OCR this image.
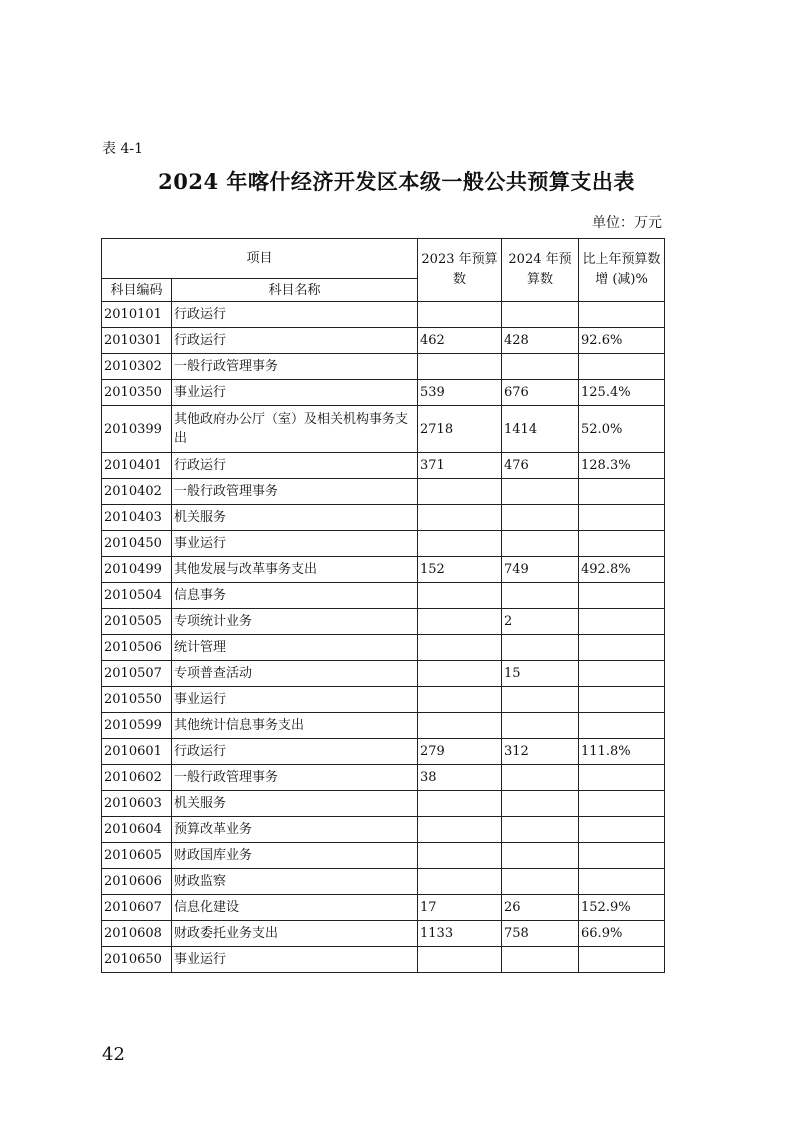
表 4-1
2024 年喀什经济开发区本级一般公共预算支出表
单位：万元
项目		2023 年预算数	2024 年预算数	比上年预算数增 (减)%
科目编码	科目名称			
2010101	行政运行			
2010301	行政运行	462	428	92.6%
2010302	一般行政管理事务			
2010350	事业运行	539	676	125.4%
2010399	其他政府办公厅（室）及相关机构事务支出	2718	1414	52.0%
2010401	行政运行	371	476	128.3%
2010402	一般行政管理事务			
2010403	机关服务			
2010450	事业运行			
2010499	其他发展与改革事务支出	152	749	492.8%
2010504	信息事务			
2010505	专项统计业务		2	
2010506	统计管理			
2010507	专项普查活动		15	
2010550	事业运行			
2010599	其他统计信息事务支出			
2010601	行政运行	279	312	111.8%
2010602	一般行政管理事务	38		
2010603	机关服务			
2010604	预算改革业务			
2010605	财政国库业务			
2010606	财政监察			
2010607	信息化建设	17	26	152.9%
2010608	财政委托业务支出	1133	758	66.9%
2010650	事业运行			
42
